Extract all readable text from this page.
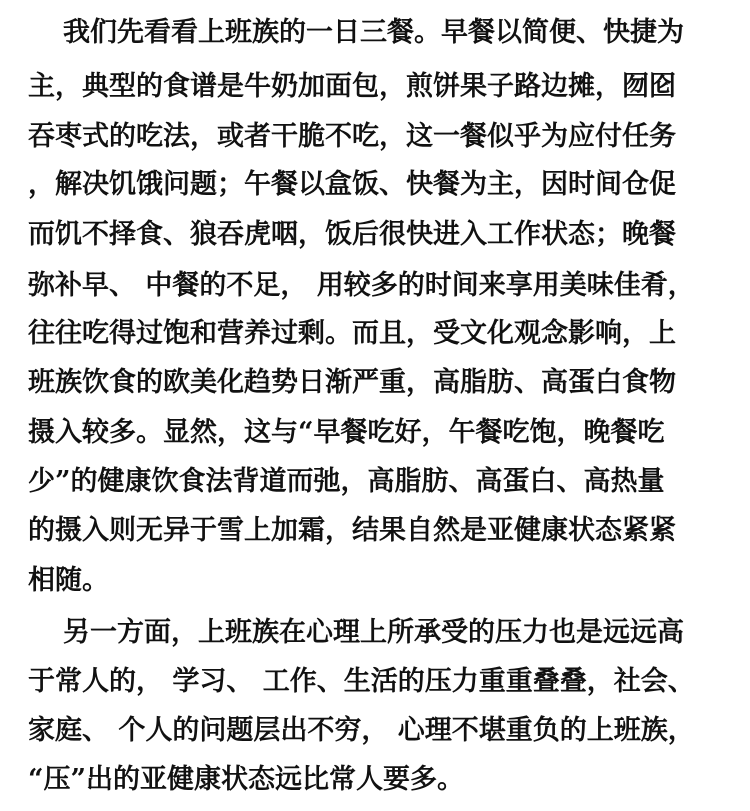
我们先看看上班族的一日三餐。早餐以简便、快捷为
主，典型的食谱是牛奶加面包，煎饼果子路边摊，囫囵
吞枣式的吃法，或者干脆不吃，这一餐似乎为应付任务
，解决饥饿问题；午餐以盒饭、快餐为主，因时间仓促
而饥不择食、狼吞虎咽，饭后很快进入工作状态；晚餐
弥补早、 中餐的不足， 用较多的时间来享用美味佳肴，
往往吃得过饱和营养过剩。而且，受文化观念影响，上
班族饮食的欧美化趋势日渐严重，高脂肪、高蛋白食物
摄入较多。显然，这与“早餐吃好，午餐吃饱，晚餐吃
少”的健康饮食法背道而弛，高脂肪、高蛋白、高热量
的摄入则无异于雪上加霜，结果自然是亚健康状态紧紧
相随。
另一方面，上班族在心理上所承受的压力也是远远高
于常人的， 学习、 工作、生活的压力重重叠叠，社会、
家庭、 个人的问题层出不穷， 心理不堪重负的上班族，
“压”出的亚健康状态远比常人要多。
